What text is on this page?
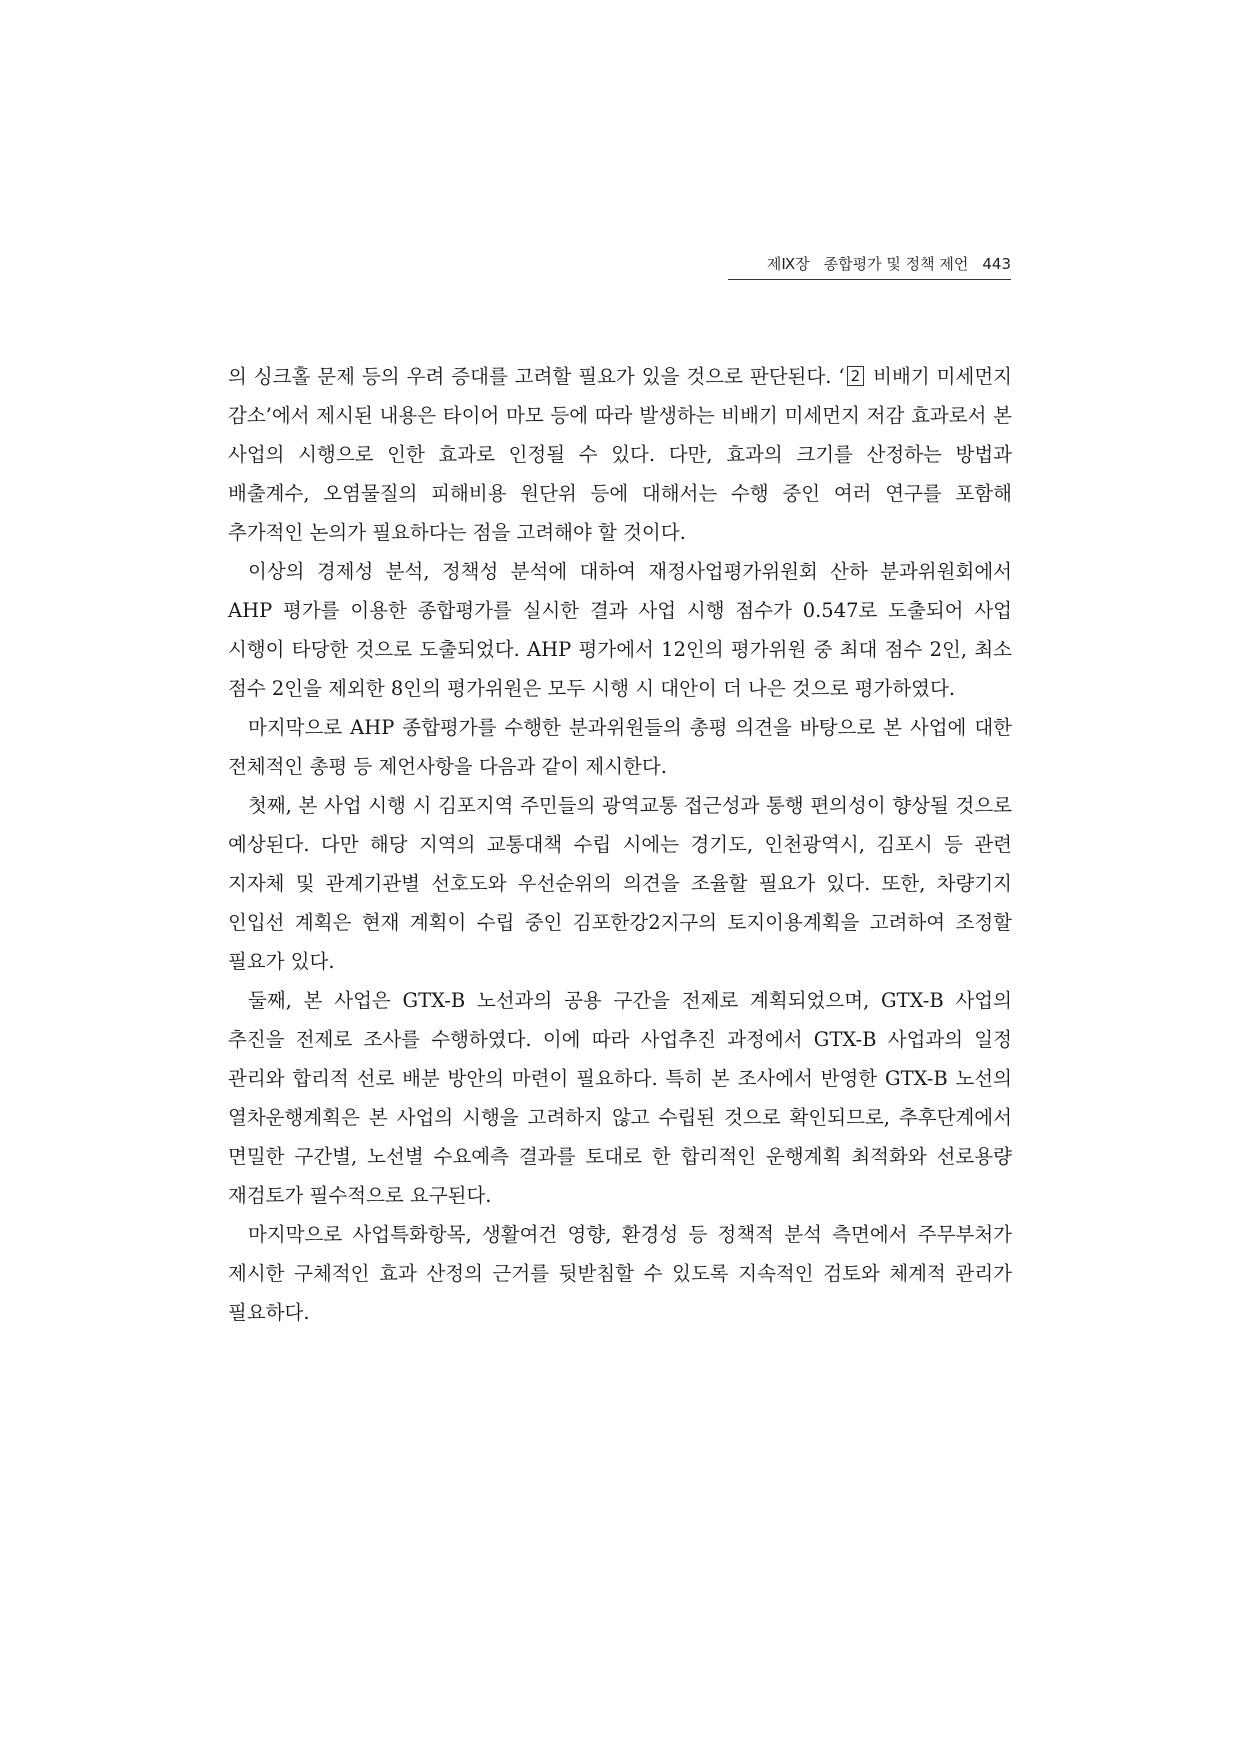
제Ⅸ장 종합평가 및 정책 제언 443

의 싱크홀 문제 등의 우려 증대를 고려할 필요가 있을 것으로 판단된다. ‘ 2 비배기 미세먼지 감소’에서 제시된 내용은 타이어 마모 등에 따라 발생하는 비배기 미세먼지 저감 효과로서 본 사업의 시행으로 인한 효과로 인정될 수 있다. 다만, 효과의 크기를 산정하는 방법과 배출계수, 오염물질의 피해비용 원단위 등에 대해서는 수행 중인 여러 연구를 포함해 추가적인 논의가 필요하다는 점을 고려해야 할 것이다.

이상의 경제성 분석, 정책성 분석에 대하여 재정사업평가위원회 산하 분과위원회에서 AHP 평가를 이용한 종합평가를 실시한 결과 사업 시행 점수가 0.547로 도출되어 사업 시행이 타당한 것으로 도출되었다. AHP 평가에서 12인의 평가위원 중 최대 점수 2인, 최소 점수 2인을 제외한 8인의 평가위원은 모두 시행 시 대안이 더 나은 것으로 평가하였다.

마지막으로 AHP 종합평가를 수행한 분과위원들의 총평 의견을 바탕으로 본 사업에 대한 전체적인 총평 등 제언사항을 다음과 같이 제시한다.

첫째, 본 사업 시행 시 김포지역 주민들의 광역교통 접근성과 통행 편의성이 향상될 것으로 예상된다. 다만 해당 지역의 교통대책 수립 시에는 경기도, 인천광역시, 김포시 등 관련 지자체 및 관계기관별 선호도와 우선순위의 의견을 조율할 필요가 있다. 또한, 차량기지 인입선 계획은 현재 계획이 수립 중인 김포한강2지구의 토지이용계획을 고려하여 조정할 필요가 있다.

둘째, 본 사업은 GTX-B 노선과의 공용 구간을 전제로 계획되었으며, GTX-B 사업의 추진을 전제로 조사를 수행하였다. 이에 따라 사업추진 과정에서 GTX-B 사업과의 일정 관리와 합리적 선로 배분 방안의 마련이 필요하다. 특히 본 조사에서 반영한 GTX-B 노선의 열차운행계획은 본 사업의 시행을 고려하지 않고 수립된 것으로 확인되므로, 추후단계에서 면밀한 구간별, 노선별 수요예측 결과를 토대로 한 합리적인 운행계획 최적화와 선로용량 재검토가 필수적으로 요구된다.

마지막으로 사업특화항목, 생활여건 영향, 환경성 등 정책적 분석 측면에서 주무부처가 제시한 구체적인 효과 산정의 근거를 뒷받침할 수 있도록 지속적인 검토와 체계적 관리가 필요하다.
